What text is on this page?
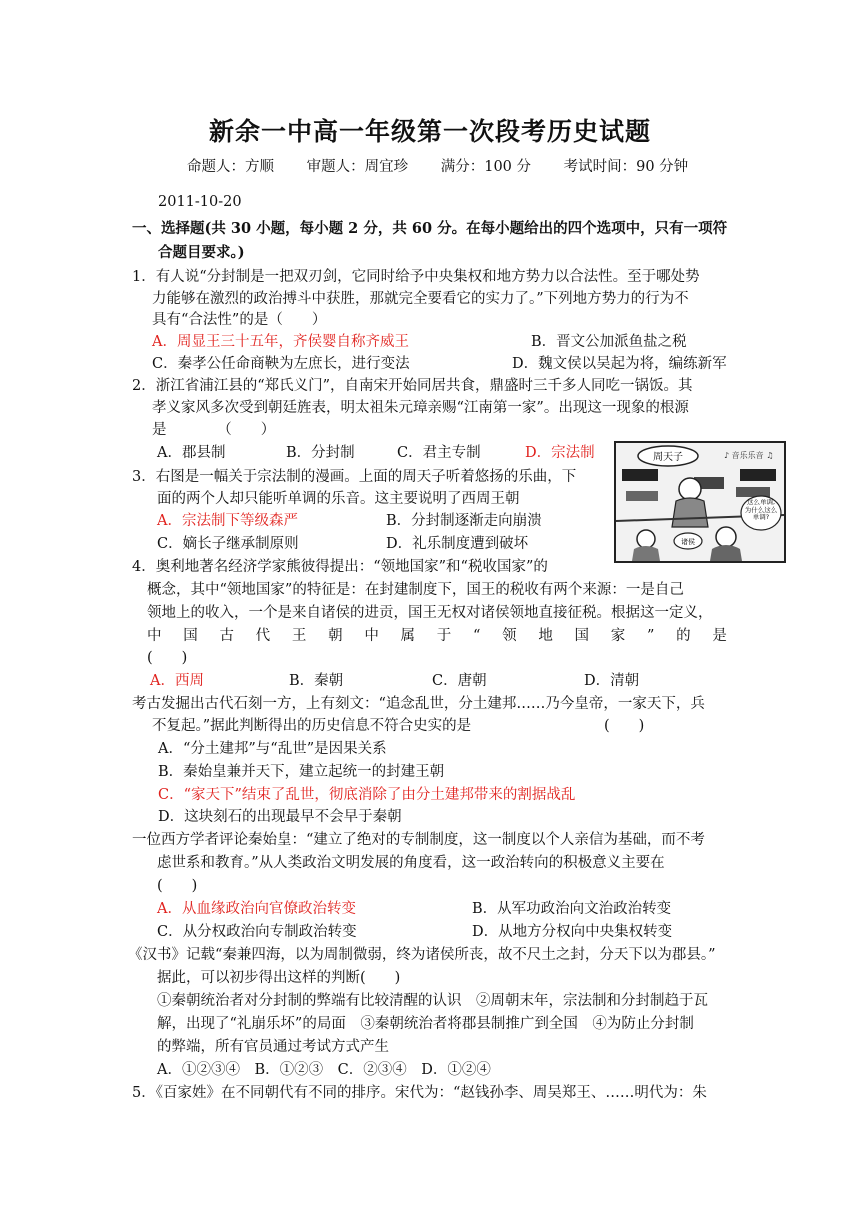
新余一中高一年级第一次段考历史试题
命题人：方顺 审题人：周宜珍 满分：100 分 考试时间：90 分钟
2011-10-20
一、选择题(共 30 小题，每小题 2 分，共 60 分。在每小题给出的四个选项中，只有一项符
合题目要求。)
1．有人说“分封制是一把双刃剑，它同时给予中央集权和地方势力以合法性。至于哪处势
力能够在激烈的政治搏斗中获胜，那就完全要看它的实力了。”下列地方势力的行为不
具有“合法性”的是（　　）
A．周显王三十五年，齐侯婴自称齐威王	B．晋文公加派鱼盐之税
C．秦孝公任命商鞅为左庶长，进行变法	D．魏文侯以吴起为将，编练新军
2．浙江省浦江县的“郑氏义门”，自南宋开始同居共食，鼎盛时三千多人同吃一锅饭。其
孝义家风多次受到朝廷旌表，明太祖朱元璋亲赐“江南第一家”。出现这一现象的根源
是　　　　（　　）
A．郡县制	B．分封制	C．君主专制	D．宗法制
3．右图是一幅关于宗法制的漫画。上面的周天子听着悠扬的乐曲，下
面的两个人却只能听单调的乐音。这主要说明了西周王朝
A．宗法制下等级森严	B．分封制逐渐走向崩溃
C．嫡长子继承制原则	D．礼乐制度遭到破坏
周天子	♪ 音乐乐音 ♫
诸侯
这么单调,为什么这么单调?
4．奥利地著名经济学家熊彼得提出：“领地国家”和“税收国家”的
概念，其中“领地国家”的特征是：在封建制度下，国王的税收有两个来源：一是自己
领地上的收入，一个是来自诸侯的进贡，国王无权对诸侯领地直接征税。根据这一定义，
中 国 古 代 王 朝 中 属 于 “ 领 地 国 家 ” 的 是
(　　)
A．西周	B．秦朝	C．唐朝	D．清朝
考古发掘出古代石刻一方，上有刻文：“追念乱世，分土建邦……乃今皇帝，一家天下，兵
不复起。”据此判断得出的历史信息不符合史实的是	(　　)
A．“分土建邦”与“乱世”是因果关系
B．秦始皇兼并天下，建立起统一的封建王朝
C．“家天下”结束了乱世，彻底消除了由分土建邦带来的割据战乱
D．这块刻石的出现最早不会早于秦朝
一位西方学者评论秦始皇：“建立了绝对的专制制度，这一制度以个人亲信为基础，而不考
虑世系和教育。”从人类政治文明发展的角度看，这一政治转向的积极意义主要在
(　　)
A．从血缘政治向官僚政治转变	B．从军功政治向文治政治转变
C．从分权政治向专制政治转变	D．从地方分权向中央集权转变
《汉书》记载“秦兼四海，以为周制微弱，终为诸侯所丧，故不尺土之封，分天下以为郡县。”
据此，可以初步得出这样的判断(　　)
①秦朝统治者对分封制的弊端有比较清醒的认识　②周朝末年，宗法制和分封制趋于瓦
解，出现了“礼崩乐坏”的局面　③秦朝统治者将郡县制推广到全国　④为防止分封制
的弊端，所有官员通过考试方式产生
A．①②③④　B．①②③　C．②③④　D．①②④
5．《百家姓》在不同朝代有不同的排序。宋代为：“赵钱孙李、周吴郑王、……明代为：朱
